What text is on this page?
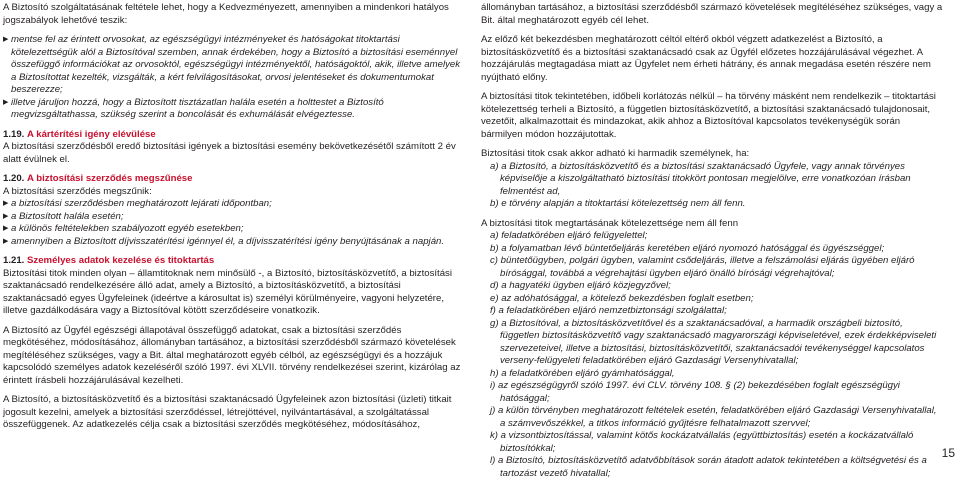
A Biztosító szolgáltatásának feltétele lehet, hogy a Kedvezményezett, amennyiben a mindenkori hatályos jogszabályok lehetővé teszik:

▶ mentse fel az érintett orvosokat, az egészségügyi intézményeket és hatóságokat titoktartási kötelezettségük alól a Biztosítóval szemben, annak érdekében, hogy a Biztosító a biztosítási eseménnyel összefüggő információkat az orvosoktól, egészségügyi intézményektől, hatóságoktól, akik, illetve amelyek a Biztosítottat kezelték, vizsgálták, a kért felvilágosításokat, orvosi jelentéseket és dokumentumokat beszerezze;
▶ illetve járuljon hozzá, hogy a Biztosított tisztázatlan halála esetén a holttestet a Biztosító megvizsgáltathassa, szükség szerint a boncolását és exhumálását elvégeztesse.

1.19. A kártérítési igény elévülése

A biztosítási szerződésből eredő biztosítási igények a biztosítási esemény bekövetkezésétől számított 2 év alatt évülnek el.

1.20. A biztosítási szerződés megszűnése

A biztosítási szerződés megszűnik:

▶ a biztosítási szerződésben meghatározott lejárati időpontban;
▶ a Biztosított halála esetén;
▶ a különös feltételekben szabályozott egyéb esetekben;
▶ amennyiben a Biztosított díjvisszatérítési igénnyel él, a díjvisszatérítési igény benyújtásának a napján.

1.21. Személyes adatok kezelése és titoktartás

Biztosítási titok minden olyan – államtitoknak nem minősülő -, a Biztosító, biztosításközvetítő, a biztosítási szaktanácsadó rendelkezésére álló adat, amely a Biztosító, a biztosításközvetítő, a biztosítási szaktanácsadó egyes Ügyfeleinek (ideértve a károsultat is) személyi körülményeire, vagyoni helyzetére, illetve gazdálkodására vagy a Biztosítóval kötött szerződéseire vonatkozik.

A Biztosító az Ügyfél egészségi állapotával összefüggő adatokat, csak a biztosítási szerződés megkötéséhez, módosításához, állományban tartásához, a biztosítási szerződésből származó követelések megítéléséhez szükséges, vagy a Bit. által meghatározott egyéb célból, az egészségügyi és a hozzájuk kapcsolódó személyes adatok kezeléséről szóló 1997. évi XLVII. törvény rendelkezései szerint, kizárólag az érintett írásbeli hozzájárulásával kezelheti.

A Biztosító, a biztosításközvetítő és a biztosítási szaktanácsadó Ügyfeleinek azon biztosítási (üzleti) titkait jogosult kezelni, amelyek a biztosítási szerződéssel, létrejöttével, nyilvántartásával, a szolgáltatással összefüggenek. Az adatkezelés célja csak a biztosítási szerződés megkötéséhez, módosításához,

állományban tartásához, a biztosítási szerződésből származó követelések megítéléséhez szükséges, vagy a Bit. által meghatározott egyéb cél lehet.

Az előző két bekezdésben meghatározott céltól eltérő okból végzett adatkezelést a Biztosító, a biztosításközvetítő és a biztosítási szaktanácsadó csak az Ügyfél előzetes hozzájárulásával végezhet. A hozzájárulás megtagadása miatt az Ügyfelet nem érheti hátrány, és annak megadása esetén részére nem nyújtható előny.

A biztosítási titok tekintetében, időbeli korlátozás nélkül – ha törvény másként nem rendelkezik – titoktartási kötelezettség terheli a Biztosító, a független biztosításközvetítő, a biztosítási szaktanácsadó tulajdonosait, vezetőit, alkalmazottait és mindazokat, akik ahhoz a Biztosítóval kapcsolatos tevékenységük során bármilyen módon hozzájutottak.

Biztosítási titok csak akkor adható ki harmadik személynek, ha:

a) a Biztosító, a biztosításközvetítő és a biztosítási szaktanácsadó Ügyfele, vagy annak törvényes képviselője a kiszolgáltatható biztosítási titokkört pontosan megjelölve, erre vonatkozóan írásban felmentést ad,

b) e törvény alapján a titoktartási kötelezettség nem áll fenn.

A biztosítási titok megtartásának kötelezettsége nem áll fenn

a) feladatkörében eljáró felügyelettel;

b) a folyamatban lévő büntetőeljárás keretében eljáró nyomozó hatósággal és ügyészséggel;

c) büntetőügyben, polgári ügyben, valamint csődeljárás, illetve a felszámolási eljárás ügyében eljáró bírósággal, továbbá a végrehajtási ügyben eljáró önálló bírósági végrehajtóval;

d) a hagyatéki ügyben eljáró közjegyzővel;

e) az adóhatósággal, a kötelező bekezdésben foglalt esetben;

f) a feladatkörében eljáró nemzetbiztonsági szolgálattal;

g) a Biztosítóval, a biztosításközvetítővel és a szaktanácsadóval, a harmadik országbeli biztosító, független biztosításközvetítő vagy szaktanácsadó magyarországi képviseletével, ezek érdekképviseleti szervezeteivel, illetve a biztosítási, biztosításközvetítői, szaktanácsadói tevékenységgel kapcsolatos verseny-felügyeleti feladatkörében eljáró Gazdasági Versenyhivatallal;

h) a feladatkörében eljáró gyámhatósággal,

i) az egészségügyről szóló 1997. évi CLV. törvény 108. § (2) bekezdésében foglalt egészségügyi hatósággal;

j) a külön törvényben meghatározott feltételek esetén, feladatkörében eljáró Gazdasági Versenyhivatallal, a számvevőszékkel, a titkos információ gyűjtésre felhatalmazott szervvel;

k) a vizsontbiztosítással, valamint kötős kockázatvállalás (együttbiztosítás) esetén a kockázatvállaló biztosítókkal;

l) a Biztosító, biztosításközvetítő adatvőbbítások során átadott adatok tekintetében a költségvetési és a tartozást vezető hivatallal;

15
